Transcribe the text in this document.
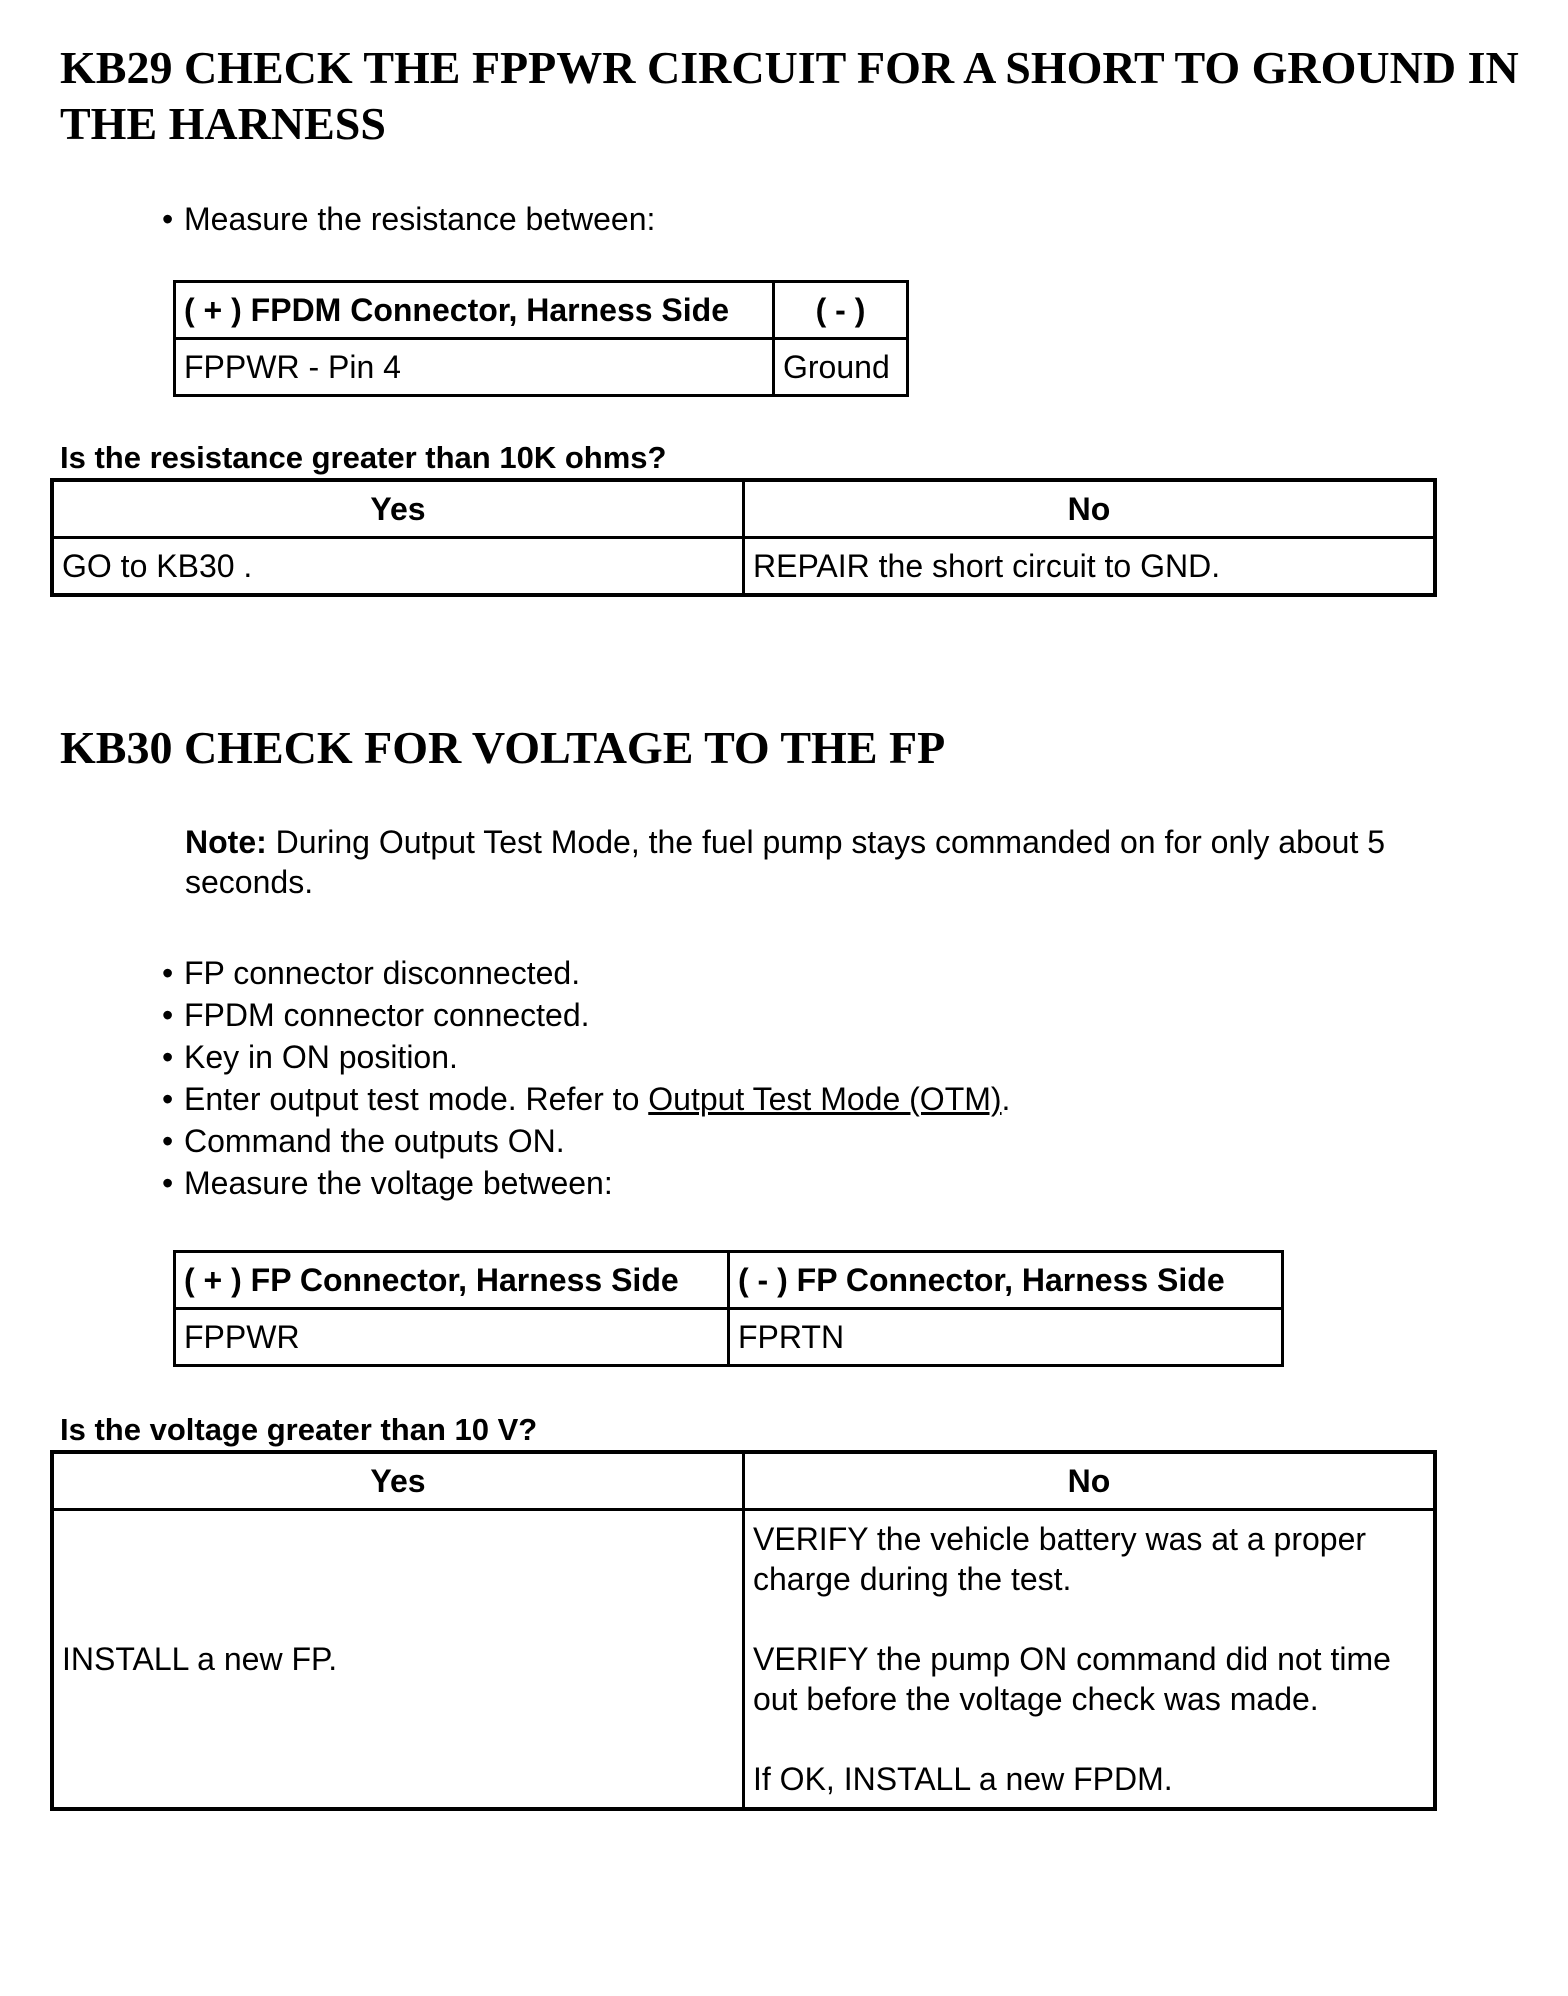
KB29 CHECK THE FPPWR CIRCUIT FOR A SHORT TO GROUND IN THE HARNESS
• Measure the resistance between:
( + ) FPDM Connector, Harness Side	( - )
FPPWR - Pin 4	Ground
Is the resistance greater than 10K ohms?
Yes	No
GO to KB30 .	REPAIR the short circuit to GND.
KB30 CHECK FOR VOLTAGE TO THE FP
Note: During Output Test Mode, the fuel pump stays commanded on for only about 5 seconds.
• FP connector disconnected.
• FPDM connector connected.
• Key in ON position.
• Enter output test mode. Refer to Output Test Mode (OTM).
• Command the outputs ON.
• Measure the voltage between:
( + ) FP Connector, Harness Side	( - ) FP Connector, Harness Side
FPPWR	FPRTN
Is the voltage greater than 10 V?
Yes	No
INSTALL a new FP.	VERIFY the vehicle battery was at a proper charge during the test.

VERIFY the pump ON command did not time out before the voltage check was made.

If OK, INSTALL a new FPDM.
